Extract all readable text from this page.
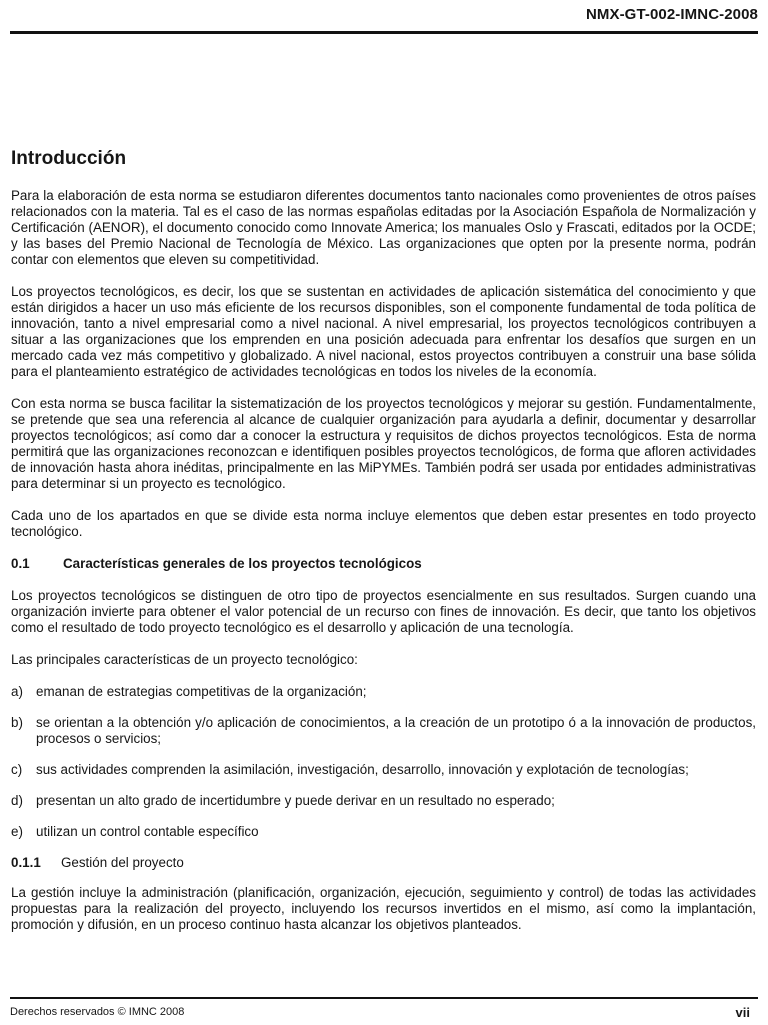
NMX-GT-002-IMNC-2008
Introducción

Para la elaboración de esta norma se estudiaron diferentes documentos tanto nacionales como provenientes de otros países relacionados con la materia. Tal es el caso de las normas españolas editadas por la Asociación Española de Normalización y Certificación (AENOR), el documento conocido como Innovate America; los manuales Oslo y Frascati, editados por la OCDE; y las bases del Premio Nacional de Tecnología de México. Las organizaciones que opten por la presente norma, podrán contar con elementos que eleven su competitividad.

Los proyectos tecnológicos, es decir, los que se sustentan en actividades de aplicación sistemática del conocimiento y que están dirigidos a hacer un uso más eficiente de los recursos disponibles, son el componente fundamental de toda política de innovación, tanto a nivel empresarial como a nivel nacional. A nivel empresarial, los proyectos tecnológicos contribuyen a situar a las organizaciones que los emprenden en una posición adecuada para enfrentar los desafíos que surgen en un mercado cada vez más competitivo y globalizado. A nivel nacional, estos proyectos contribuyen a construir una base sólida para el planteamiento estratégico de actividades tecnológicas en todos los niveles de la economía.

Con esta norma se busca facilitar la sistematización de los proyectos tecnológicos y mejorar su gestión. Fundamentalmente, se pretende que sea una referencia al alcance de cualquier organización para ayudarla a definir, documentar y desarrollar proyectos tecnológicos; así como dar a conocer la estructura y requisitos de dichos proyectos tecnológicos. Esta de norma permitirá que las organizaciones reconozcan e identifiquen posibles proyectos tecnológicos, de forma que afloren actividades de innovación hasta ahora inéditas, principalmente en las MiPYMEs. También podrá ser usada por entidades administrativas para determinar si un proyecto es tecnológico.

Cada uno de los apartados en que se divide esta norma incluye elementos que deben estar presentes en todo proyecto tecnológico.

0.1 Características generales de los proyectos tecnológicos

Los proyectos tecnológicos se distinguen de otro tipo de proyectos esencialmente en sus resultados. Surgen cuando una organización invierte para obtener el valor potencial de un recurso con fines de innovación. Es decir, que tanto los objetivos como el resultado de todo proyecto tecnológico es el desarrollo y aplicación de una tecnología.

Las principales características de un proyecto tecnológico:

a) emanan de estrategias competitivas de la organización;
b) se orientan a la obtención y/o aplicación de conocimientos, a la creación de un prototipo ó a la innovación de productos, procesos o servicios;
c)	sus actividades comprenden la asimilación, investigación, desarrollo, innovación y explotación de tecnologías;
d) presentan un alto grado de incertidumbre y puede derivar en un resultado no esperado;
e) utilizan un control contable específico
0.1.1 Gestión del proyecto

La gestión incluye la administración (planificación, organización, ejecución, seguimiento y control) de todas las actividades propuestas para la realización del proyecto, incluyendo los recursos invertidos en el mismo, así como la implantación, promoción y difusión, en un proceso continuo hasta alcanzar los objetivos planteados.

Derechos reservados © IMNC 2008	vii
